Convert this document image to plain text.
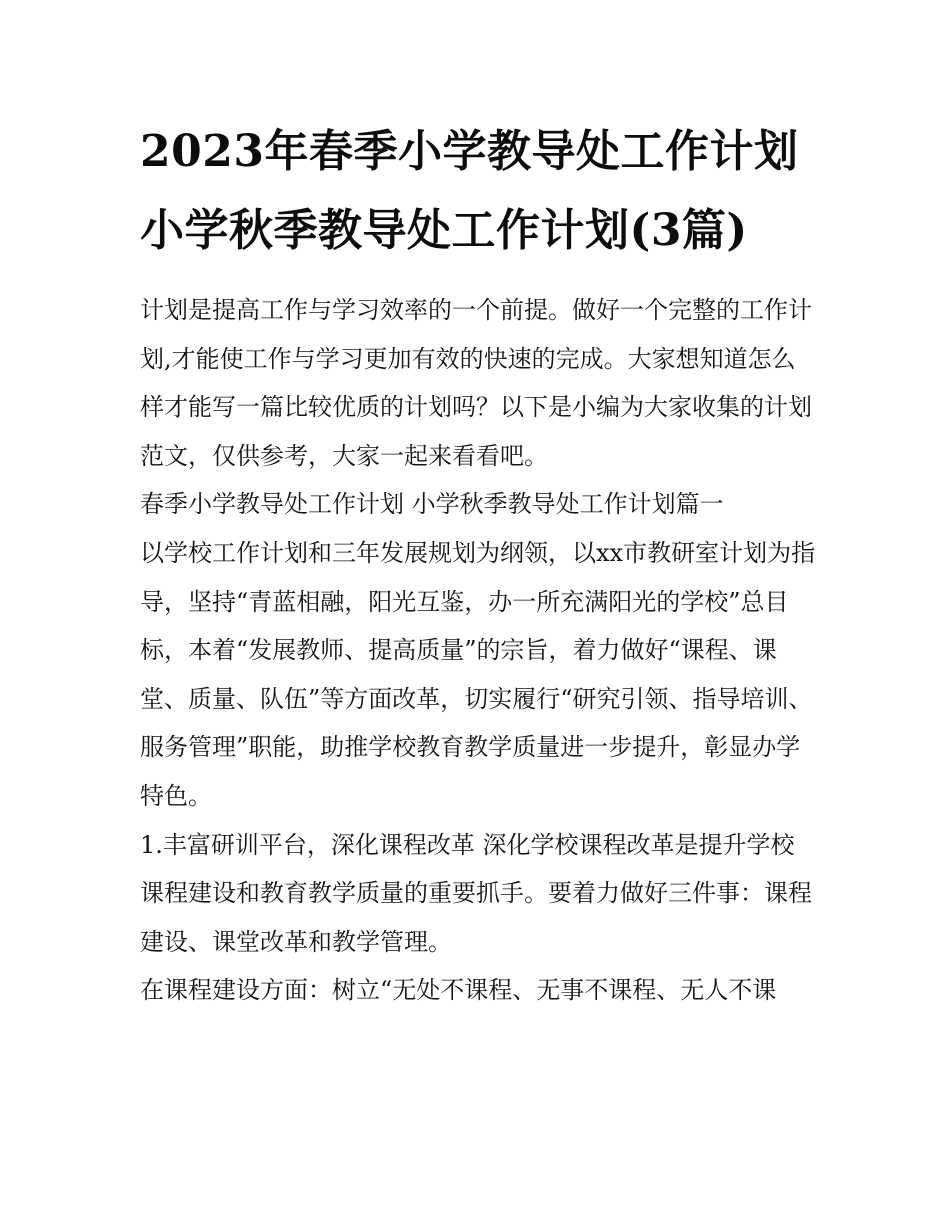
2023年春季小学教导处工作计划 小学秋季教导处工作计划(3篇)

计划是提高工作与学习效率的一个前提。做好一个完整的工作计划,才能使工作与学习更加有效的快速的完成。大家想知道怎么样才能写一篇比较优质的计划吗？以下是小编为大家收集的计划范文，仅供参考，大家一起来看看吧。

春季小学教导处工作计划 小学秋季教导处工作计划篇一

以学校工作计划和三年发展规划为纲领，以xx市教研室计划为指导，坚持“青蓝相融，阳光互鉴，办一所充满阳光的学校”总目标，本着“发展教师、提高质量”的宗旨，着力做好“课程、课堂、质量、队伍”等方面改革，切实履行“研究引领、指导培训、服务管理”职能，助推学校教育教学质量进一步提升，彰显办学特色。

1.丰富研训平台，深化课程改革 深化学校课程改革是提升学校课程建设和教育教学质量的重要抓手。要着力做好三件事：课程建设、课堂改革和教学管理。

在课程建设方面：树立“无处不课程、无事不课程、无人不课
